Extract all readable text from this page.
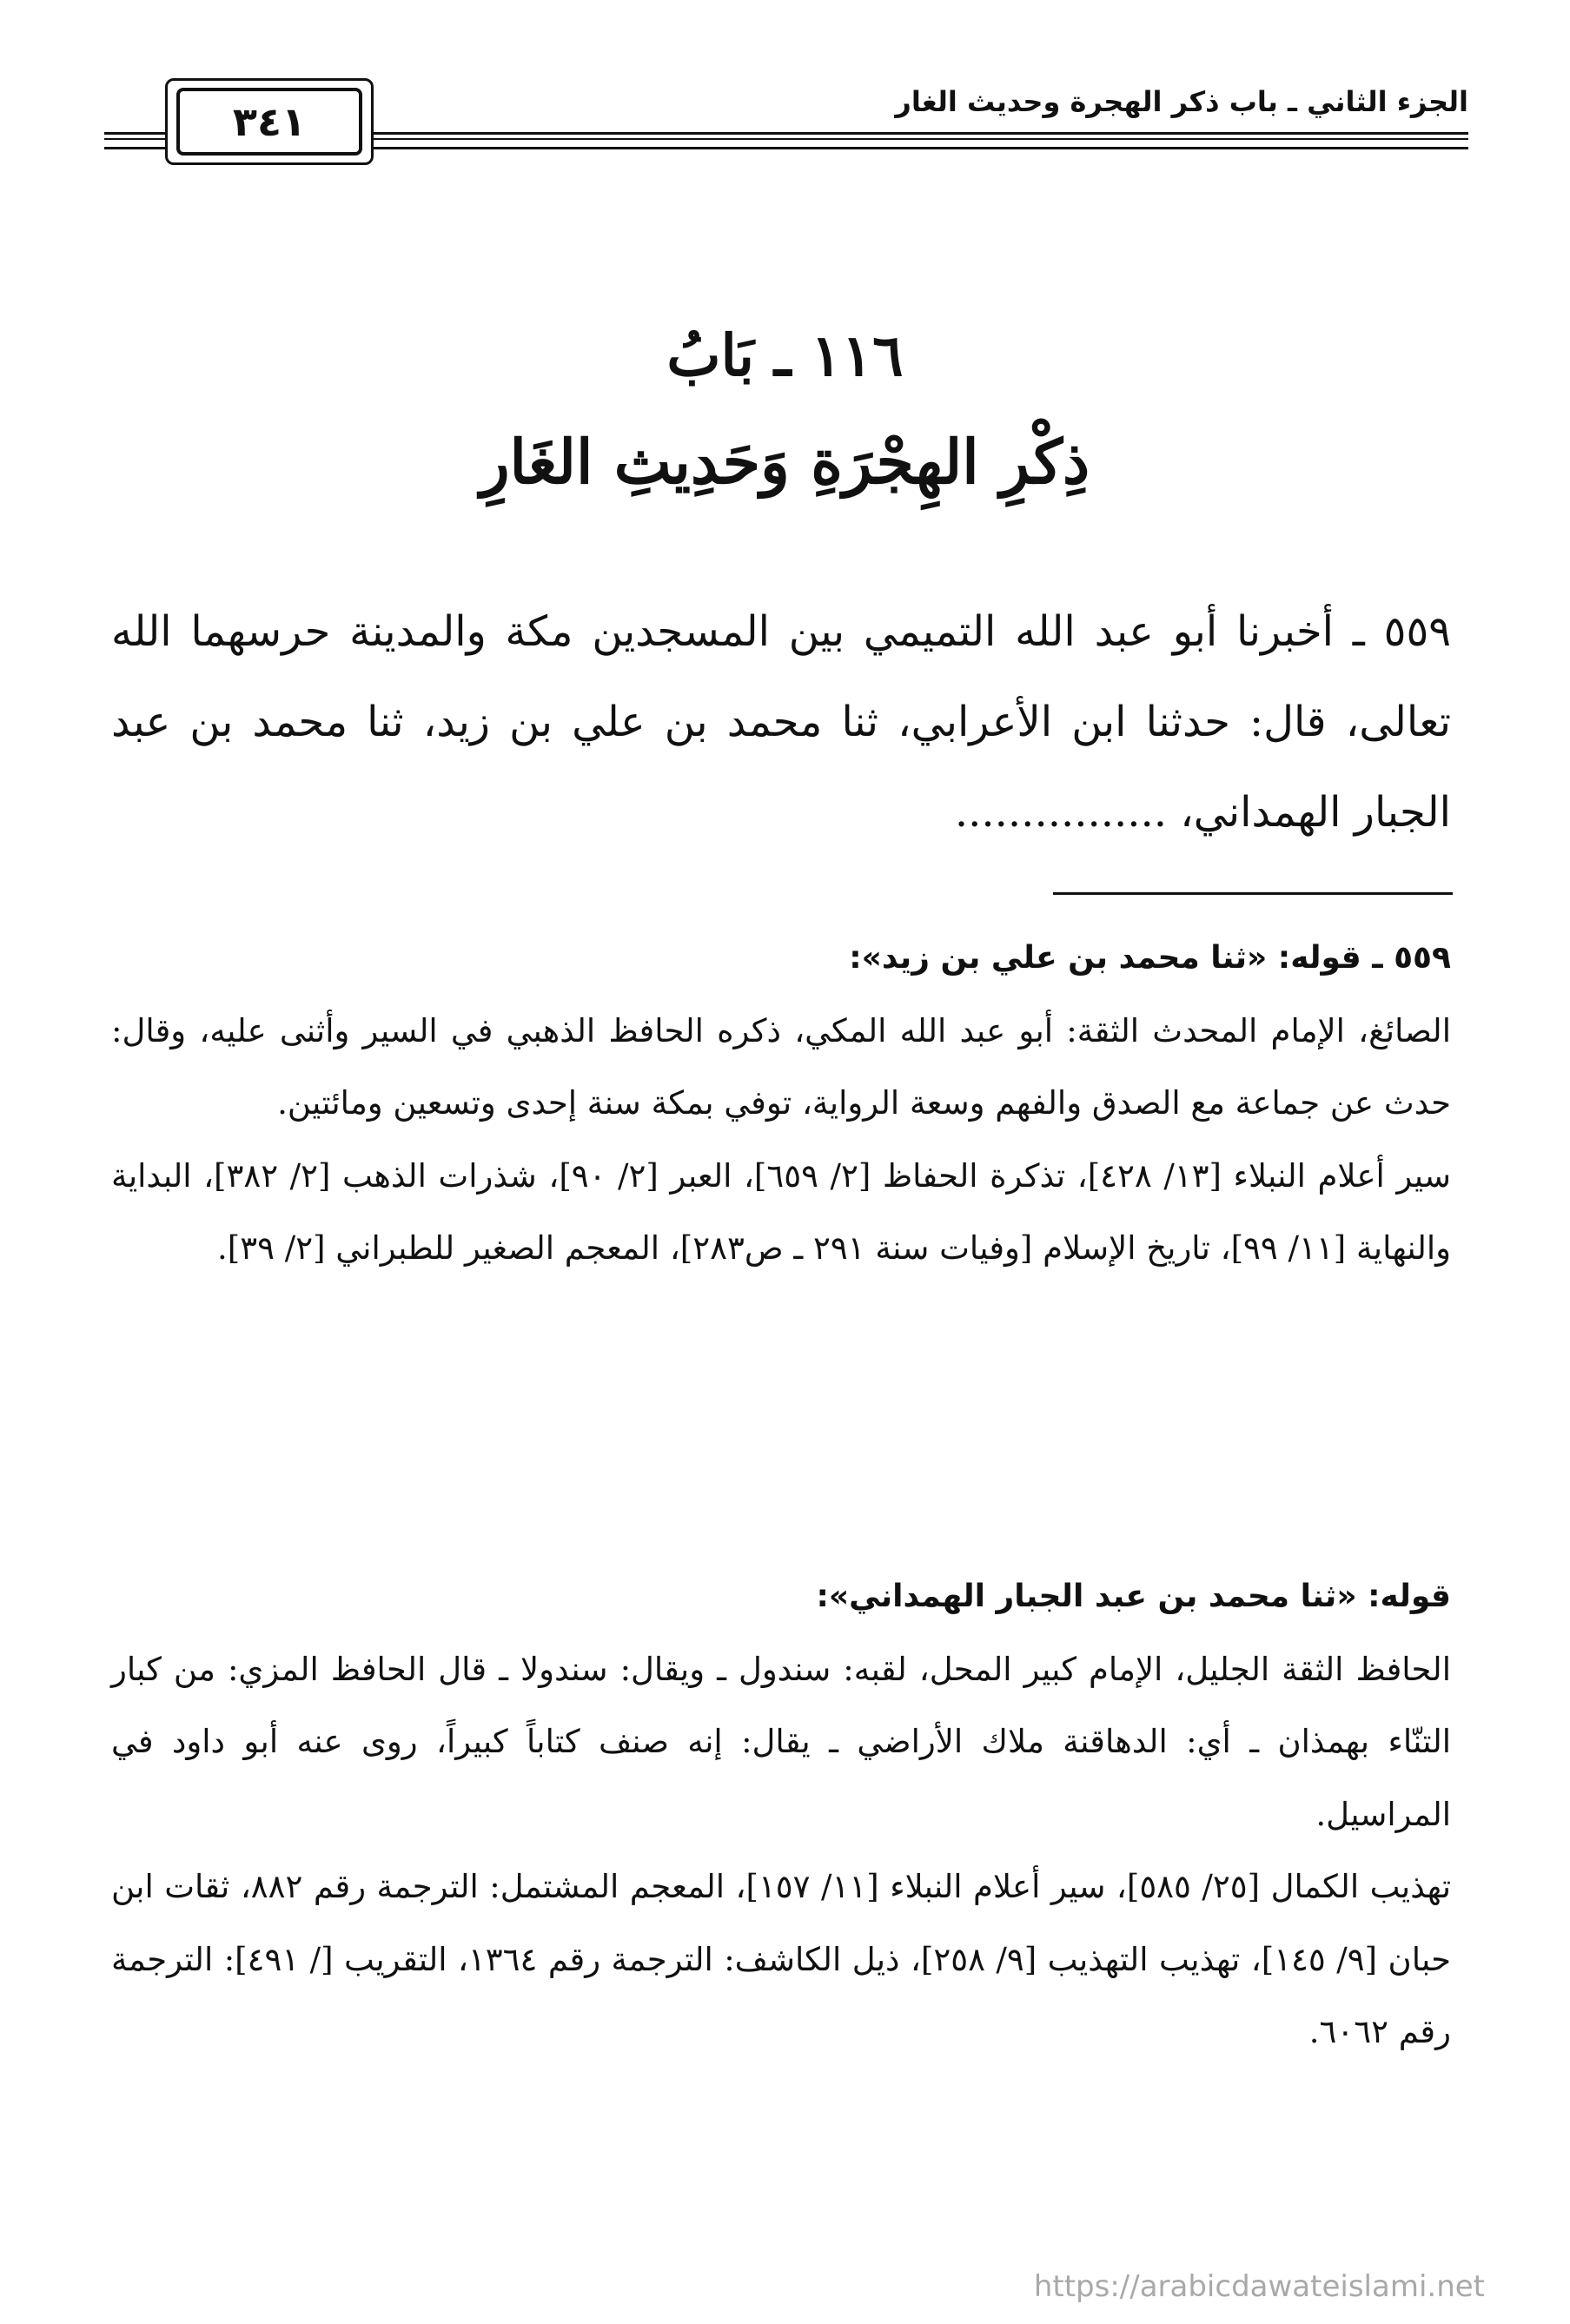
٣٤١	الجزء الثاني ـ باب ذكر الهجرة وحديث الغار
١١٦ ـ بَابُ
ذِكْرِ الهِجْرَةِ وَحَدِيثِ الغَارِ
٥٥٩ ـ أخبرنا أبو عبد الله التميمي بين المسجدين مكة والمدينة حرسهما الله تعالى، قال: حدثنا ابن الأعرابي، ثنا محمد بن علي بن زيد، ثنا محمد بن عبد الجبار الهمداني، ................

٥٥٩ ـ قوله: «ثنا محمد بن علي بن زيد»:

الصائغ، الإمام المحدث الثقة: أبو عبد الله المكي، ذكره الحافظ الذهبي في السير وأثنى عليه، وقال: حدث عن جماعة مع الصدق والفهم وسعة الرواية، توفي بمكة سنة إحدى وتسعين ومائتين.

سير أعلام النبلاء [١٣/ ٤٢٨]، تذكرة الحفاظ [٢/ ٦٥٩]، العبر [٢/ ٩٠]، شذرات الذهب [٢/ ٣٨٢]، البداية والنهاية [١١/ ٩٩]، تاريخ الإسلام [وفيات سنة ٢٩١ ـ ص٢٨٣]، المعجم الصغير للطبراني [٢/ ٣٩].

قوله: «ثنا محمد بن عبد الجبار الهمداني»:

الحافظ الثقة الجليل، الإمام كبير المحل، لقبه: سندول ـ ويقال: سندولا ـ قال الحافظ المزي: من كبار التنّاء بهمذان ـ أي: الدهاقنة ملاك الأراضي ـ يقال: إنه صنف كتاباً كبيراً، روى عنه أبو داود في المراسيل.

تهذيب الكمال [٢٥/ ٥٨٥]، سير أعلام النبلاء [١١/ ١٥٧]، المعجم المشتمل: الترجمة رقم ٨٨٢، ثقات ابن حبان [٩/ ١٤٥]، تهذيب التهذيب [٩/ ٢٥٨]، ذيل الكاشف: الترجمة رقم ١٣٦٤، التقريب [/ ٤٩١]: الترجمة رقم ٦٠٦٢.

https://arabicdawateislami.net
